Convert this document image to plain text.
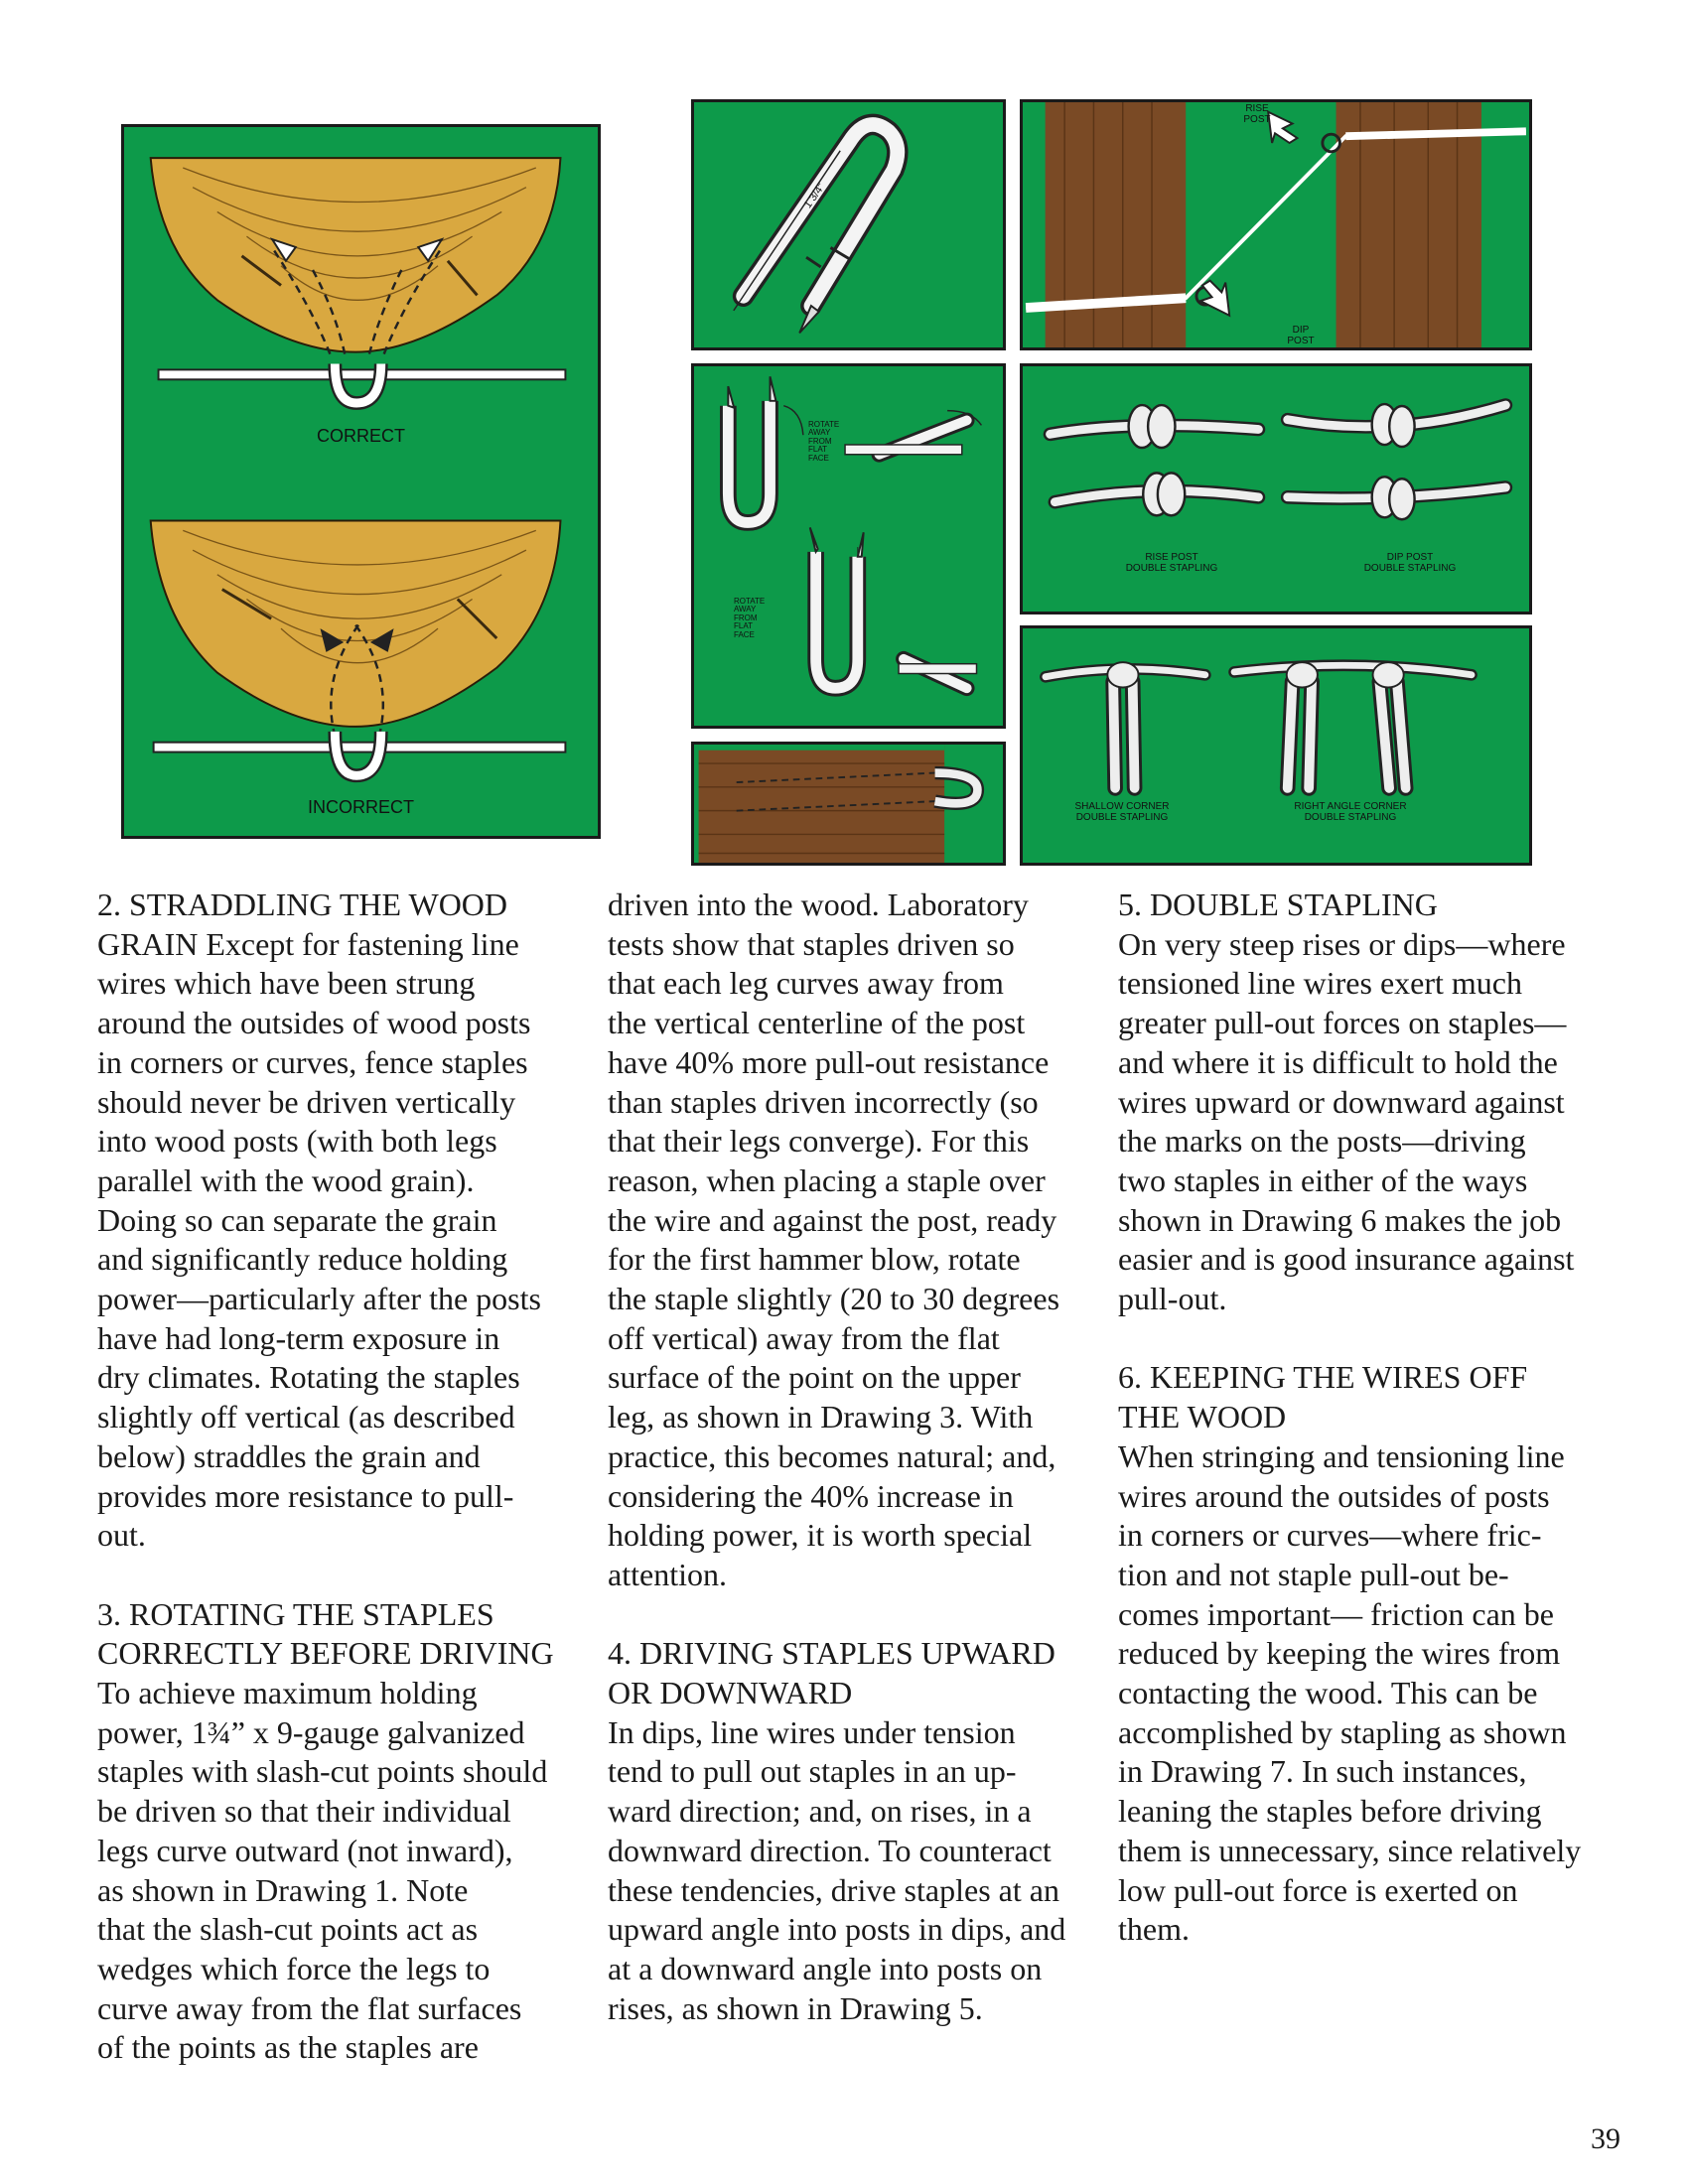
CORRECT
INCORRECT
1 3/4"
RISE
POST
DIP
POST
ROTATE
AWAY
FROM
FLAT
FACE
ROTATE
AWAY
FROM
FLAT
FACE
RISE POST
DOUBLE STAPLING
DIP POST
DOUBLE STAPLING
SHALLOW CORNER
DOUBLE STAPLING
RIGHT ANGLE CORNER
DOUBLE STAPLING

2. STRADDLING THE WOOD

GRAIN Except for fastening line

wires which have been strung

around the outsides of wood posts

in corners or curves, fence staples

should never be driven vertically

into wood posts (with both legs

parallel with the wood grain).

Doing so can separate the grain

and significantly reduce holding

power—particularly after the posts

have had long-term exposure in

dry climates. Rotating the staples

slightly off vertical (as described

below) straddles the grain and

provides more resistance to pull-

out.

3. ROTATING THE STAPLES

CORRECTLY BEFORE DRIVING

To achieve maximum holding

power, 1¾” x 9-gauge galvanized

staples with slash-cut points should

be driven so that their individual

legs curve outward (not inward),

as shown in Drawing 1. Note

that the slash-cut points act as

wedges which force the legs to

curve away from the flat surfaces

of the points as the staples are

driven into the wood. Laboratory

tests show that staples driven so

that each leg curves away from

the vertical centerline of the post

have 40% more pull-out resistance

than staples driven incorrectly (so

that their legs converge). For this

reason, when placing a staple over

the wire and against the post, ready

for the first hammer blow, rotate

the staple slightly (20 to 30 degrees

off vertical) away from the flat

surface of the point on the upper

leg, as shown in Drawing 3. With

practice, this becomes natural; and,

considering the 40% increase in

holding power, it is worth special

attention.

4. DRIVING STAPLES UPWARD

OR DOWNWARD

In dips, line wires under tension

tend to pull out staples in an up-

ward direction; and, on rises, in a

downward direction. To counteract

these tendencies, drive staples at an

upward angle into posts in dips, and

at a downward angle into posts on

rises, as shown in Drawing 5.

5. DOUBLE STAPLING

On very steep rises or dips—where

tensioned line wires exert much

greater pull-out forces on staples—

and where it is difficult to hold the

wires upward or downward against

the marks on the posts—driving

two staples in either of the ways

shown in Drawing 6 makes the job

easier and is good insurance against

pull-out.

6. KEEPING THE WIRES OFF

THE WOOD

When stringing and tensioning line

wires around the outsides of posts

in corners or curves—where fric-

tion and not staple pull-out be-

comes important— friction can be

reduced by keeping the wires from

contacting the wood. This can be

accomplished by stapling as shown

in Drawing 7. In such instances,

leaning the staples before driving

them is unnecessary, since relatively

low pull-out force is exerted on

them.

39
